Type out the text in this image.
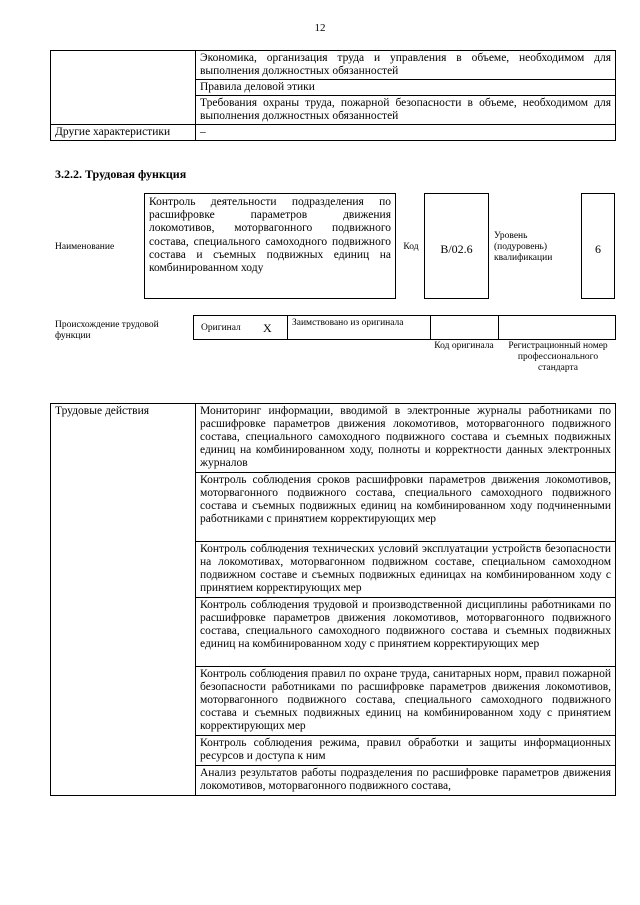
12
	Экономика, организация труда и управления в объеме, необходимом для выполнения должностных обязанностей
	Правила деловой этики
	Требования охраны труда, пожарной безопасности в объеме, необходимом для выполнения должностных обязанностей
Другие характеристики	–
3.2.2. Трудовая функция
Наименование
Контроль деятельности подразделения по расшифровке параметров движения локомотивов, моторвагонного подвижного состава, специального самоходного подвижного состава и съемных подвижных единиц на комбинированном ходу
Код	B/02.6
Уровень (подуровень) квалификации
6
Происхождение трудовой функции
Оригинал X Заимствовано из оригинала
Код оригинала	Регистрационный номер профессионального стандарта
Трудовые действия	Мониторинг информации, вводимой в электронные журналы работниками по расшифровке параметров движения локомотивов, моторвагонного подвижного состава, специального самоходного подвижного состава и съемных подвижных единиц на комбинированном ходу, полноты и корректности данных электронных журналов
Контроль соблюдения сроков расшифровки параметров движения локомотивов, моторвагонного подвижного состава, специального самоходного подвижного состава и съемных подвижных единиц на комбинированном ходу подчиненными работниками с принятием корректирующих мер
Контроль соблюдения технических условий эксплуатации устройств безопасности на локомотивах, моторвагонном подвижном составе, специальном самоходном подвижном составе и съемных подвижных единицах на комбинированном ходу с принятием корректирующих мер
Контроль соблюдения трудовой и производственной дисциплины работниками по расшифровке параметров движения локомотивов, моторвагонного подвижного состава, специального самоходного подвижного состава и съемных подвижных единиц на комбинированном ходу с принятием корректирующих мер
Контроль соблюдения правил по охране труда, санитарных норм, правил пожарной безопасности работниками по расшифровке параметров движения локомотивов, моторвагонного подвижного состава, специального самоходного подвижного состава и съемных подвижных единиц на комбинированном ходу с принятием корректирующих мер
Контроль соблюдения режима, правил обработки и защиты информационных ресурсов и доступа к ним
Анализ результатов работы подразделения по расшифровке параметров движения локомотивов, моторвагонного подвижного состава,
